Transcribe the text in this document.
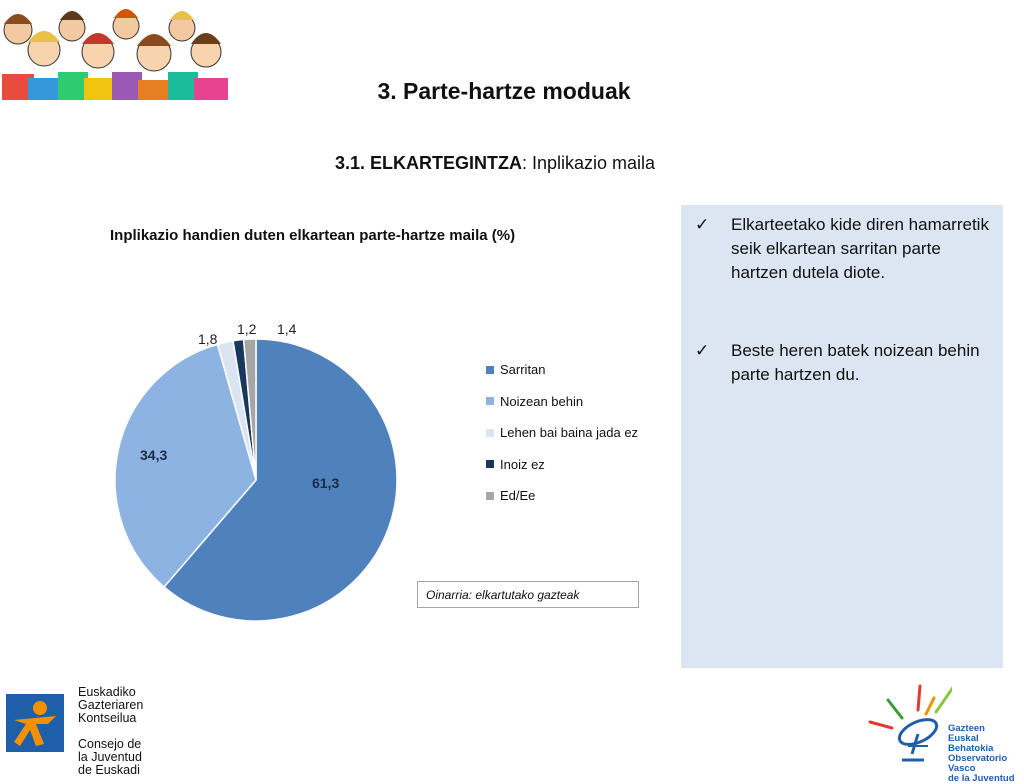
3. Parte-hartze moduak
3.1. ELKARTEGINTZA: Inplikazio maila
Inplikazio handien duten elkartean parte-hartze maila (%)
61,3
34,3
1,8
1,2 1,4
Sarritan
Noizean behin
Lehen bai baina jada ez
Inoiz ez
Ed/Ee
Oinarria: elkartutako gazteak
✓ Elkarteetako kide diren hamarretik seik elkartean sarritan parte hartzen dutela diote.
✓ Beste heren batek noizean behin parte hartzen du.
Euskadiko
Gazteriaren
Kontseilua
Consejo de
la Juventud
de Euskadi
Gazteen
Euskal Behatokia
Observatorio Vasco
de la Juventud
